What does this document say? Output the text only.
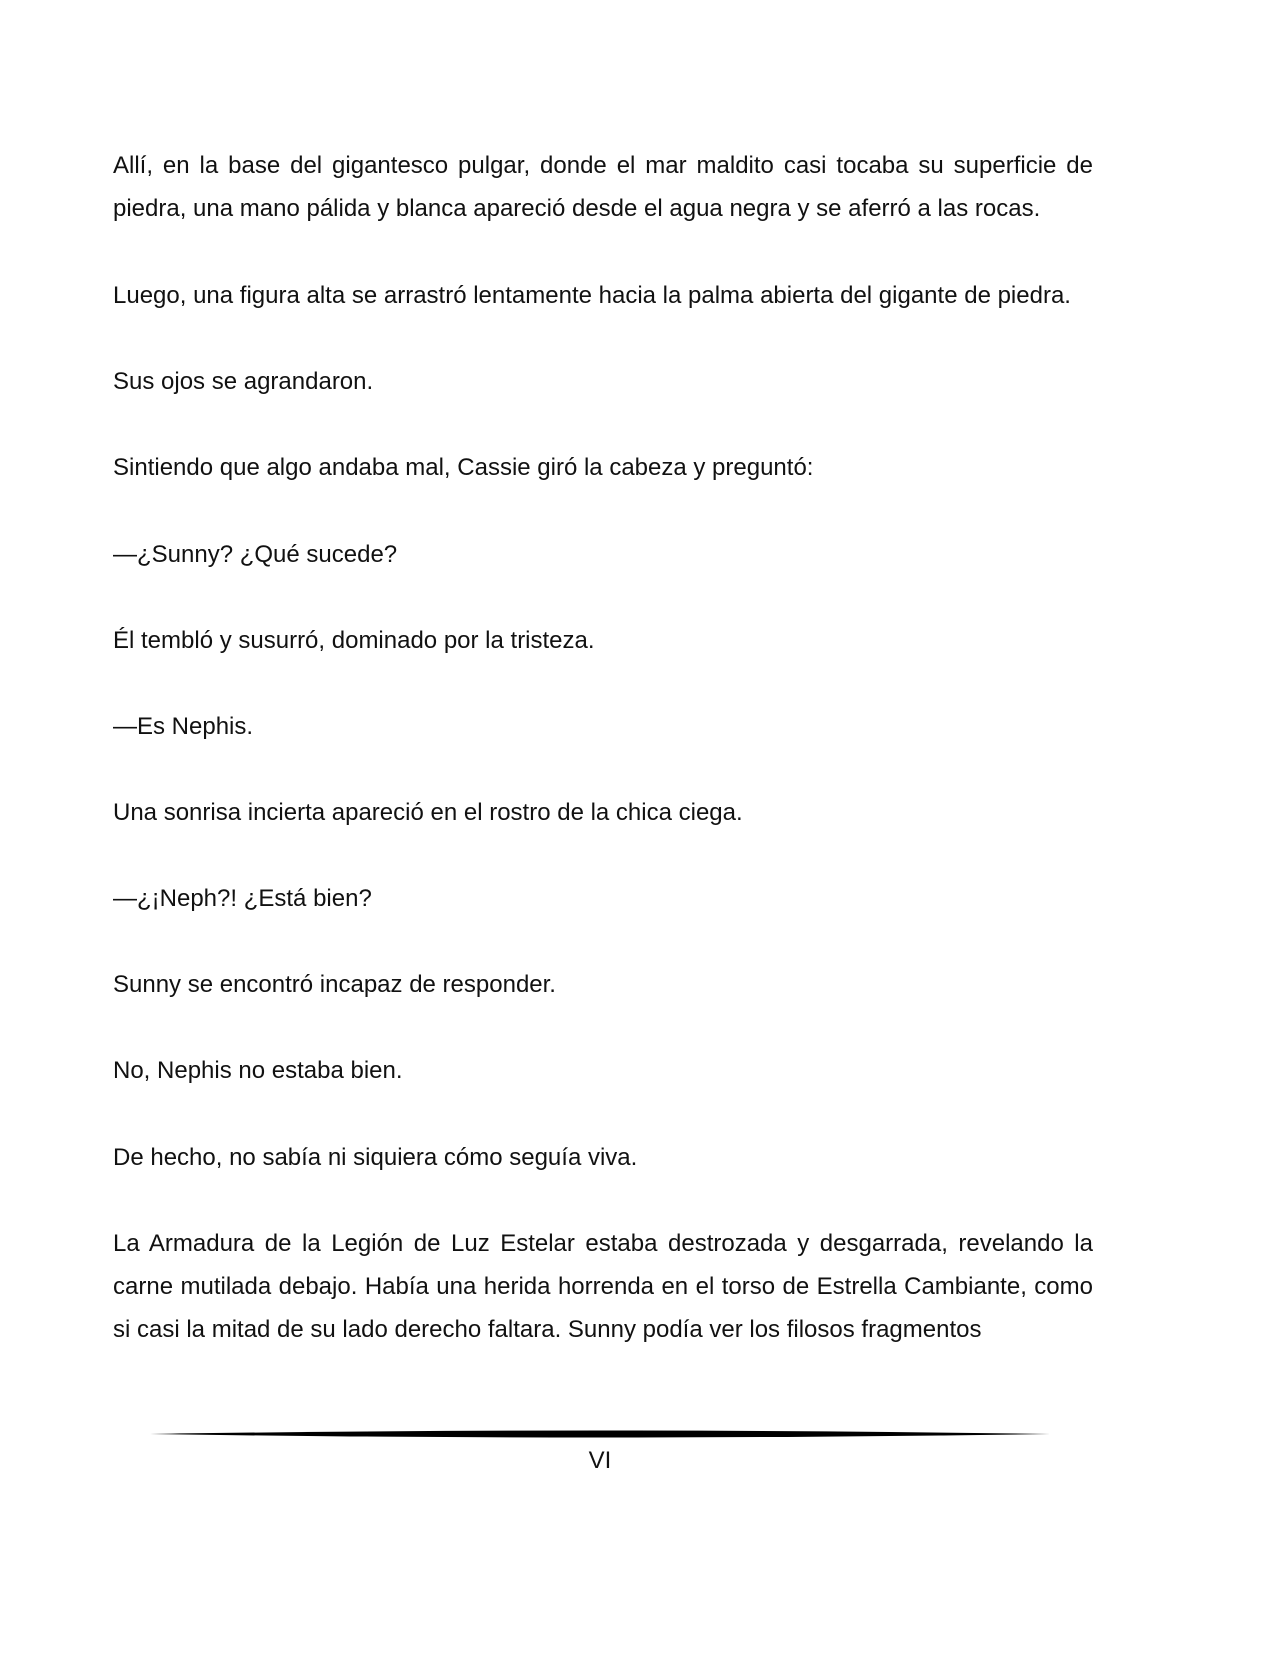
Allí, en la base del gigantesco pulgar, donde el mar maldito casi tocaba su superficie de piedra, una mano pálida y blanca apareció desde el agua negra y se aferró a las rocas.

Luego, una figura alta se arrastró lentamente hacia la palma abierta del gigante de piedra.

Sus ojos se agrandaron.

Sintiendo que algo andaba mal, Cassie giró la cabeza y preguntó:

—¿Sunny? ¿Qué sucede?

Él tembló y susurró, dominado por la tristeza.

—Es Nephis.

Una sonrisa incierta apareció en el rostro de la chica ciega.

—¿¡Neph?! ¿Está bien?

Sunny se encontró incapaz de responder.

No, Nephis no estaba bien.

De hecho, no sabía ni siquiera cómo seguía viva.

La Armadura de la Legión de Luz Estelar estaba destrozada y desgarrada, revelando la carne mutilada debajo. Había una herida horrenda en el torso de Estrella Cambiante, como si casi la mitad de su lado derecho faltara. Sunny podía ver los filosos fragmentos

VI
